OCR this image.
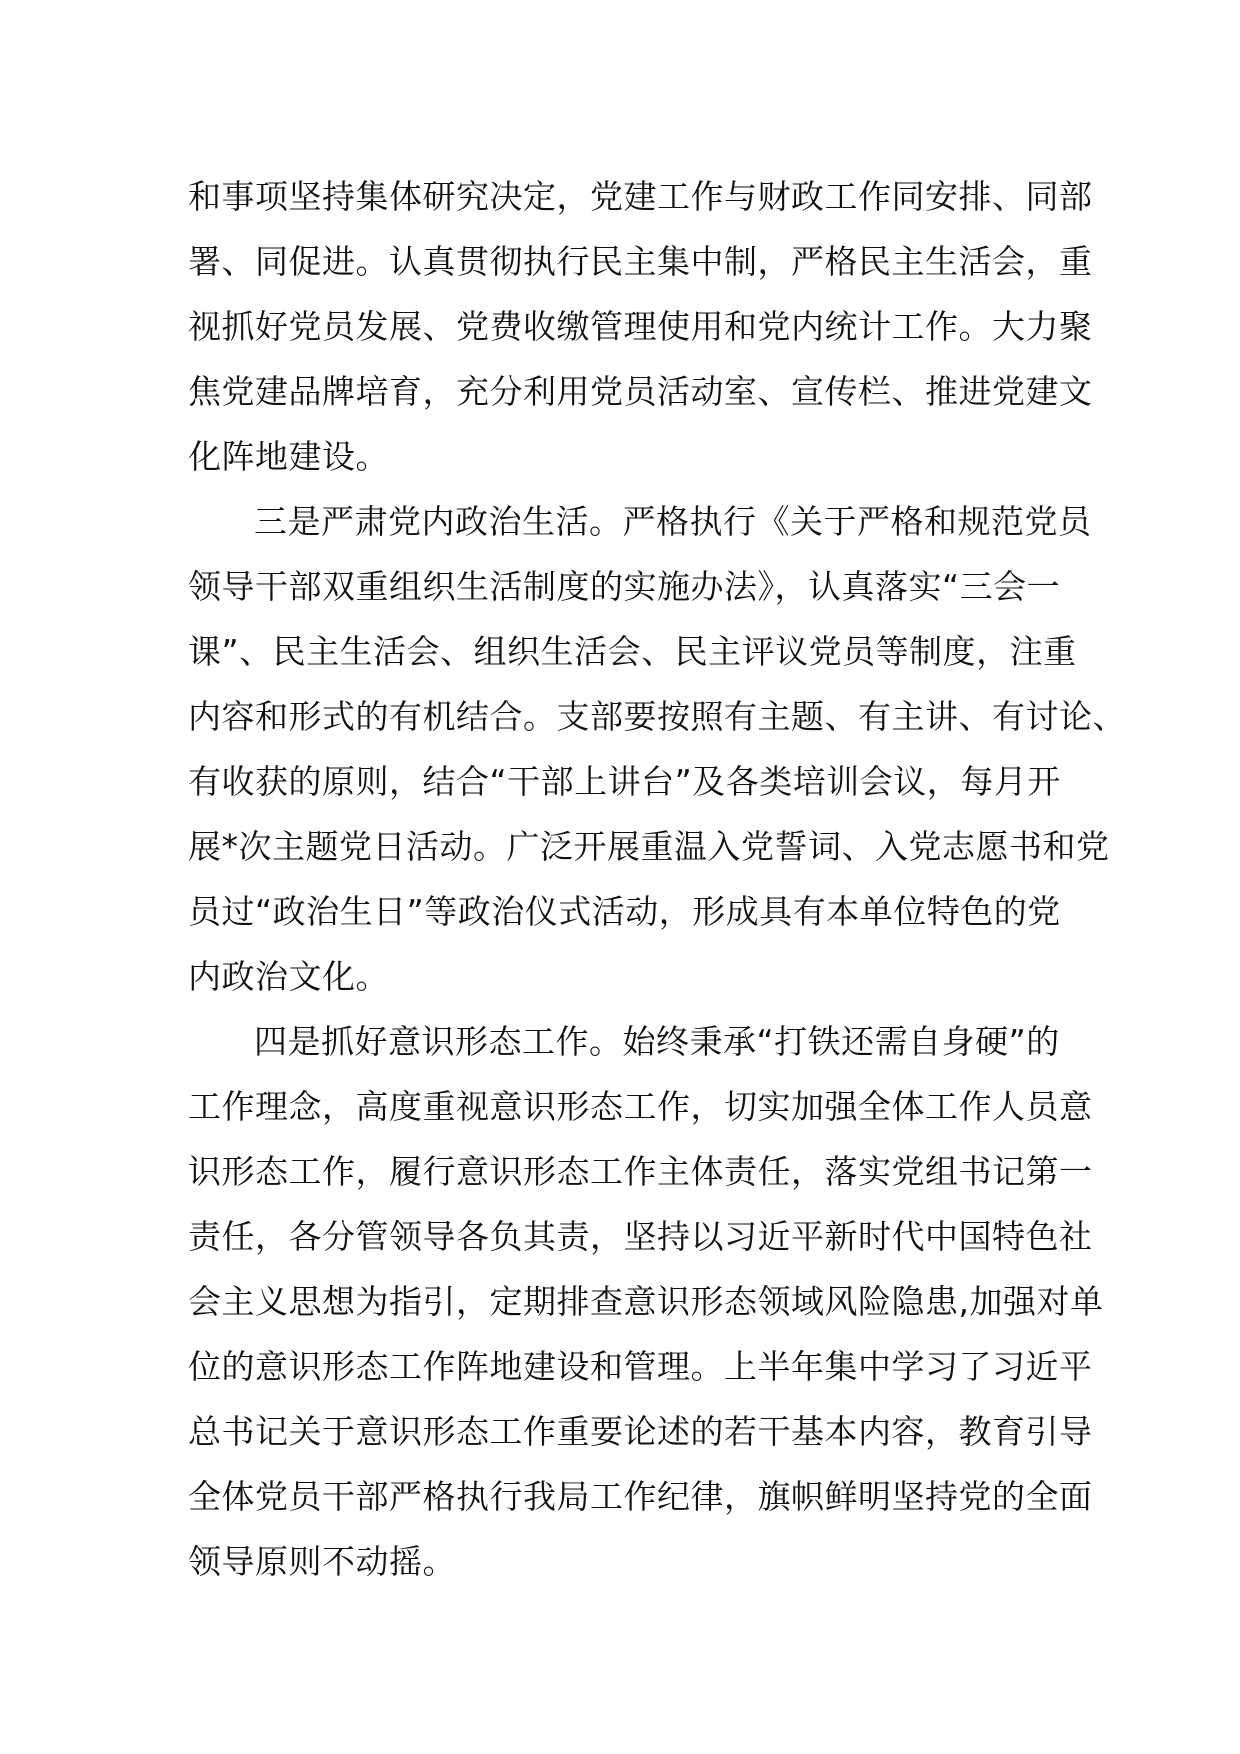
和事项坚持集体研究决定，党建工作与财政工作同安排、同部
署、同促进。认真贯彻执行民主集中制，严格民主生活会，重
视抓好党员发展、党费收缴管理使用和党内统计工作。大力聚
焦党建品牌培育，充分利用党员活动室、宣传栏、推进党建文
化阵地建设。

三是严肃党内政治生活。严格执行《关于严格和规范党员
领导干部双重组织生活制度的实施办法》，认真落实“三会一
课”、民主生活会、组织生活会、民主评议党员等制度，注重
内容和形式的有机结合。支部要按照有主题、有主讲、有讨论、
有收获的原则，结合“干部上讲台”及各类培训会议，每月开
展*次主题党日活动。广泛开展重温入党誓词、入党志愿书和党
员过“政治生日”等政治仪式活动，形成具有本单位特色的党
内政治文化。

四是抓好意识形态工作。始终秉承“打铁还需自身硬”的
工作理念，高度重视意识形态工作，切实加强全体工作人员意
识形态工作，履行意识形态工作主体责任，落实党组书记第一
责任，各分管领导各负其责，坚持以习近平新时代中国特色社
会主义思想为指引，定期排查意识形态领域风险隐患,加强对单
位的意识形态工作阵地建设和管理。上半年集中学习了习近平
总书记关于意识形态工作重要论述的若干基本内容，教育引导
全体党员干部严格执行我局工作纪律，旗帜鲜明坚持党的全面
领导原则不动摇。
